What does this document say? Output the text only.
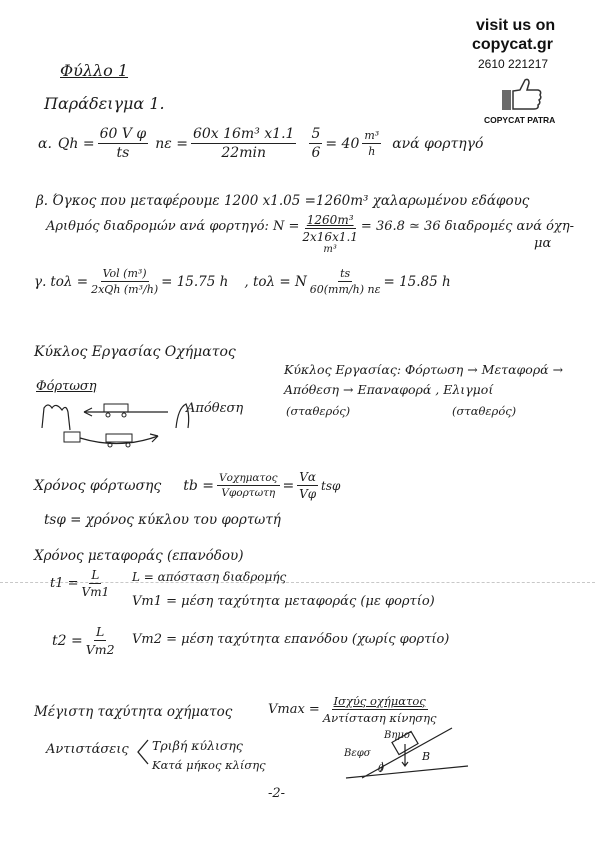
visit us on
copycat.gr
2610 221217
COPYCAT PATRA
Φύλλο 1
Παράδειγμα 1.
α. $Qh = \frac{\text{60 V φ}}{ts}$ $n\varepsilon = \frac{\text{60x 16m³ x1.1}}{22\min} \frac{5}{6} = 40 \frac{\text{m³}}{h}$ ανά φορτηγό
β. Όγκος που μεταφέρουμε 1200 x1.05 =1260m³ χαλαρωμένου εδάφους
Αριθμός διαδρομών ανά φορτηγό: N = 1260m³
2x16x1.1
m³
= 36.8 ≃ 36 διαδρομές ανά όχη-
μα
γ. $to\lambda = \frac{\text{Vol (m³)}}{\text{2xQh (m³/h)}} = 15.75$ h , tολ = N $\frac{ts}{60(mm/h) n\varepsilon} = 15.85$ h
Κύκλος Εργασίας Οχήματος
Κύκλος Εργασίας: Φόρτωση → Μεταφορά →
Απόθεση → Επαναφορά , Ελιγμοί
(σταθερός)	(σταθερός)
Φόρτωση
Απόθεση
Χρόνος φόρτωσης tb = $\frac{\text{Vοχηματος}}{\text{Vφορτωτη}} = \frac{V\alpha}{V\varphi}$ tsφ
tsφ = χρόνος κύκλου του φορτωτή
Χρόνος μεταφοράς (επανόδου)
$t1 = \frac{L}{Vm1}$ L = απόσταση διαδρομής
Vm1 = μέση ταχύτητα μεταφοράς (με φορτίο)
$t2 = \frac{L}{Vm2} Vm2 = \mu έ\sigma\eta$ ταχύτητα επανόδου (χωρίς φορτίο)
Μέγιστη ταχύτητα οχήματος	$Vmax = \frac{\text{Ισχύς οχήματος}}{\text{Αντίσταση κίνησης}}$
Αντιστάσεις Τριβή κύλισης
Κατά μήκος κλίσης
Bημσ
Βεφσ	B
θ
-2-
